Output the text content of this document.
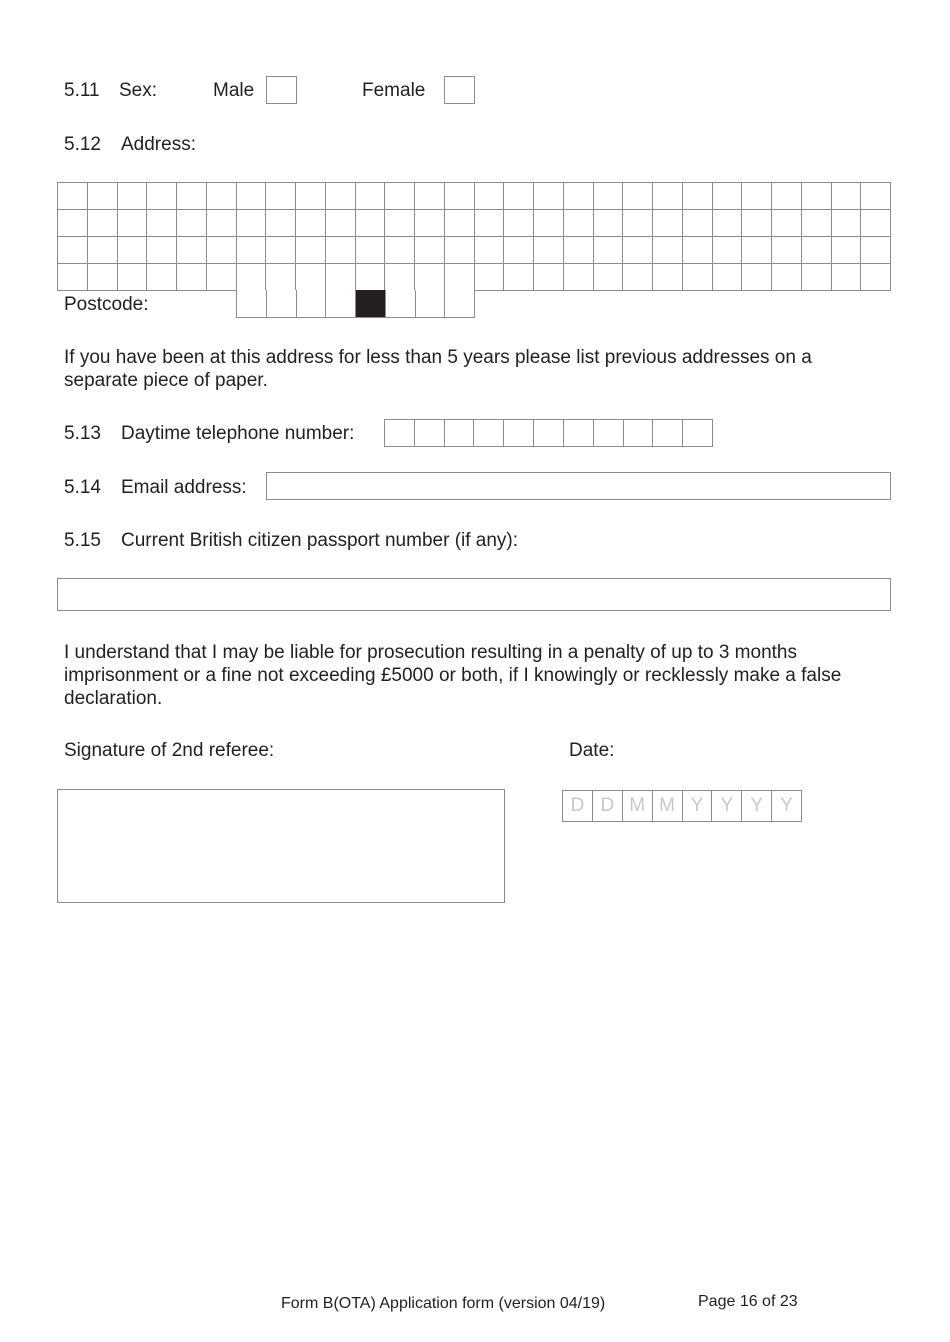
5.11 Sex:	Male	Female
5.12 Address:
Postcode:
If you have been at this address for less than 5 years please list previous addresses on a separate piece of paper.
5.13 Daytime telephone number:
5.14 Email address:
5.15 Current British citizen passport number (if any):
I understand that I may be liable for prosecution resulting in a penalty of up to 3 months imprisonment or a fine not exceeding £5000 or both, if I knowingly or recklessly make a false declaration.
Signature of 2nd referee:	Date:
D D M M Y Y Y Y
Form B(OTA) Application form (version 04/19)	Page 16 of 23
